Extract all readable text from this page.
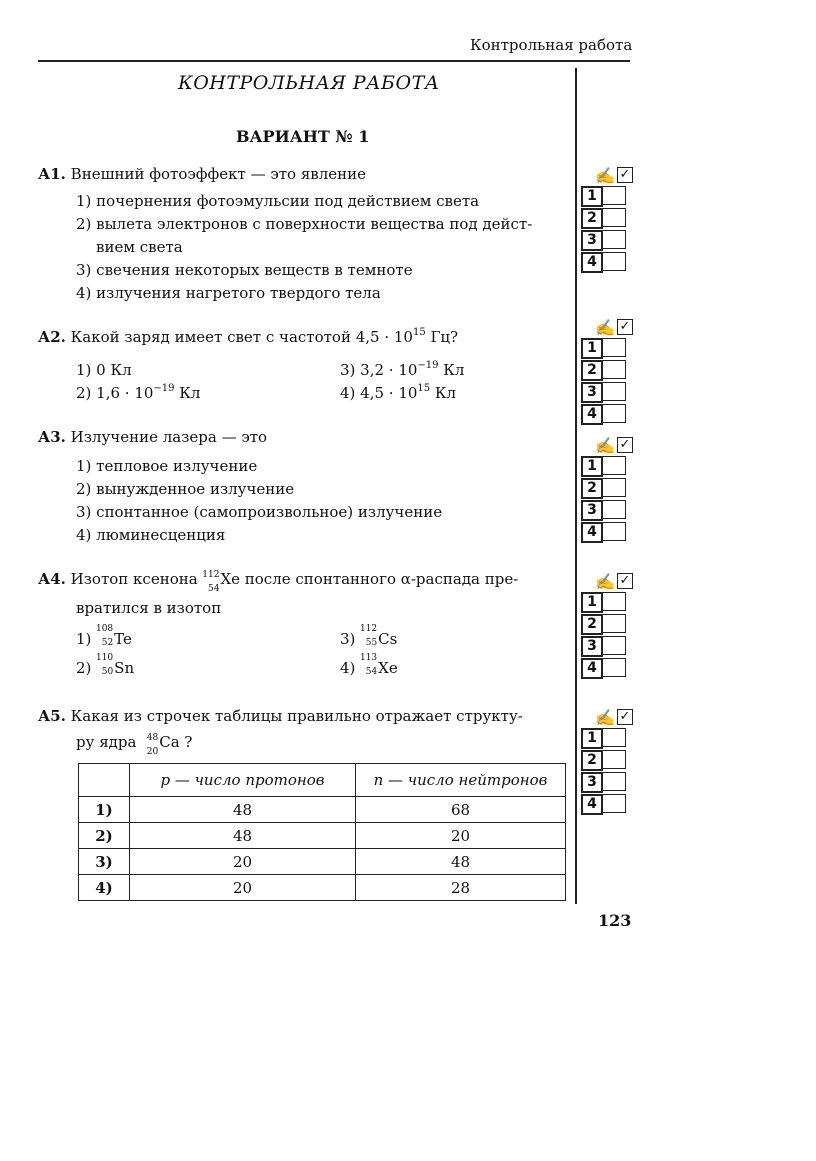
Контрольная работа
КОНТРОЛЬНАЯ РАБОТА
ВАРИАНТ № 1
А1. Внешний фотоэффект — это явление
1) почернения фотоэмульсии под действием света
2) вылета электронов с поверхности вещества под дейст-
вием света
3) свечения некоторых веществ в темноте
4) излучения нагретого твердого тела
А2. Какой заряд имеет свет с частотой $4,5 \cdot 10^{15}$ Гц?
1) 0 Кл
2) $1,6 \cdot 10^{-19}$ Кл
3) $3,2 \cdot 10^{-19}$ Кл
4) $4,5 \cdot 10^{15}$ Кл
А3. Излучение лазера — это
1) тепловое излучение
2) вынужденное излучение
3) спонтанное (самопроизвольное) излучение
4) люминесценция
А4. Изотоп ксенона 112
54
Xe после спонтанного α-распада пре-
вратился в изотоп
1)
108
52 Te
2)
110
50 Sn
3)
112
55 Cs
4)
113
54 Xe
А5. Какая из строчек таблицы правильно отражает структу-
ру ядра 48
20
Ca ?
	p — число протонов	n — число нейтронов
1)	48	68
2)	48	20
3)	20	48
4)	20	28
✍ ✓
1
2
3
4
✍ ✓
1
2
3
4
✍ ✓
1
2
3
4
✍ ✓
1
2
3
4
✍ ✓
1
2
3
4
123
